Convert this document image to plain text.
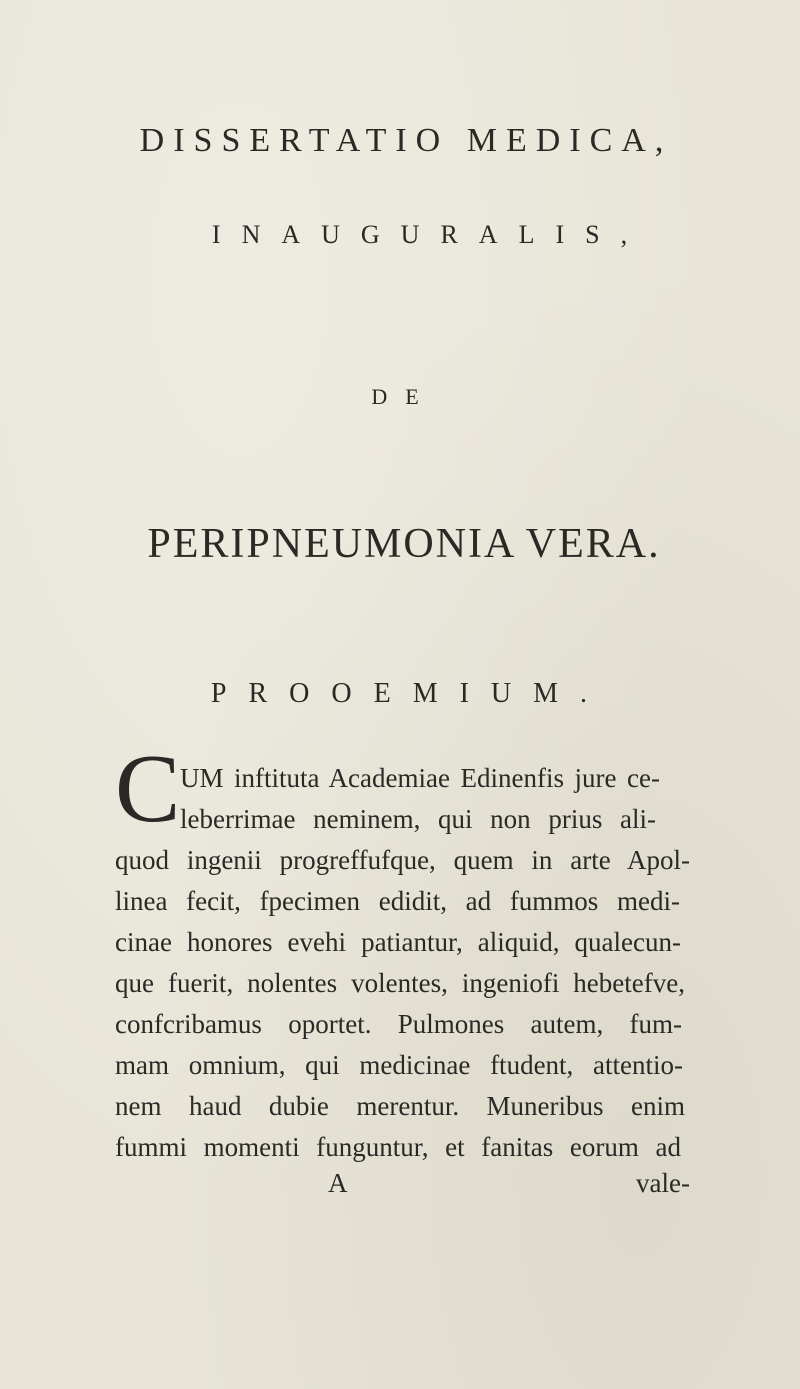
DISSERTATIO MEDICA,
INAUGURALIS,
DE
PERIPNEUMONIA VERA.
PROOEMIUM.
C UM inftituta Academiae Edinenfis jure ce-
leberrimae neminem, qui non prius ali-
quod ingenii progreffufque, quem in arte Apol-
linea fecit, fpecimen edidit, ad fummos medi-
cinae honores evehi patiantur, aliquid, qualecun-
que fuerit, nolentes volentes, ingeniofi hebetefve,
confcribamus oportet. Pulmones autem, fum-
mam omnium, qui medicinae ftudent, attentio-
nem haud dubie merentur. Muneribus enim
fummi momenti funguntur, et fanitas eorum ad
A	vale-
